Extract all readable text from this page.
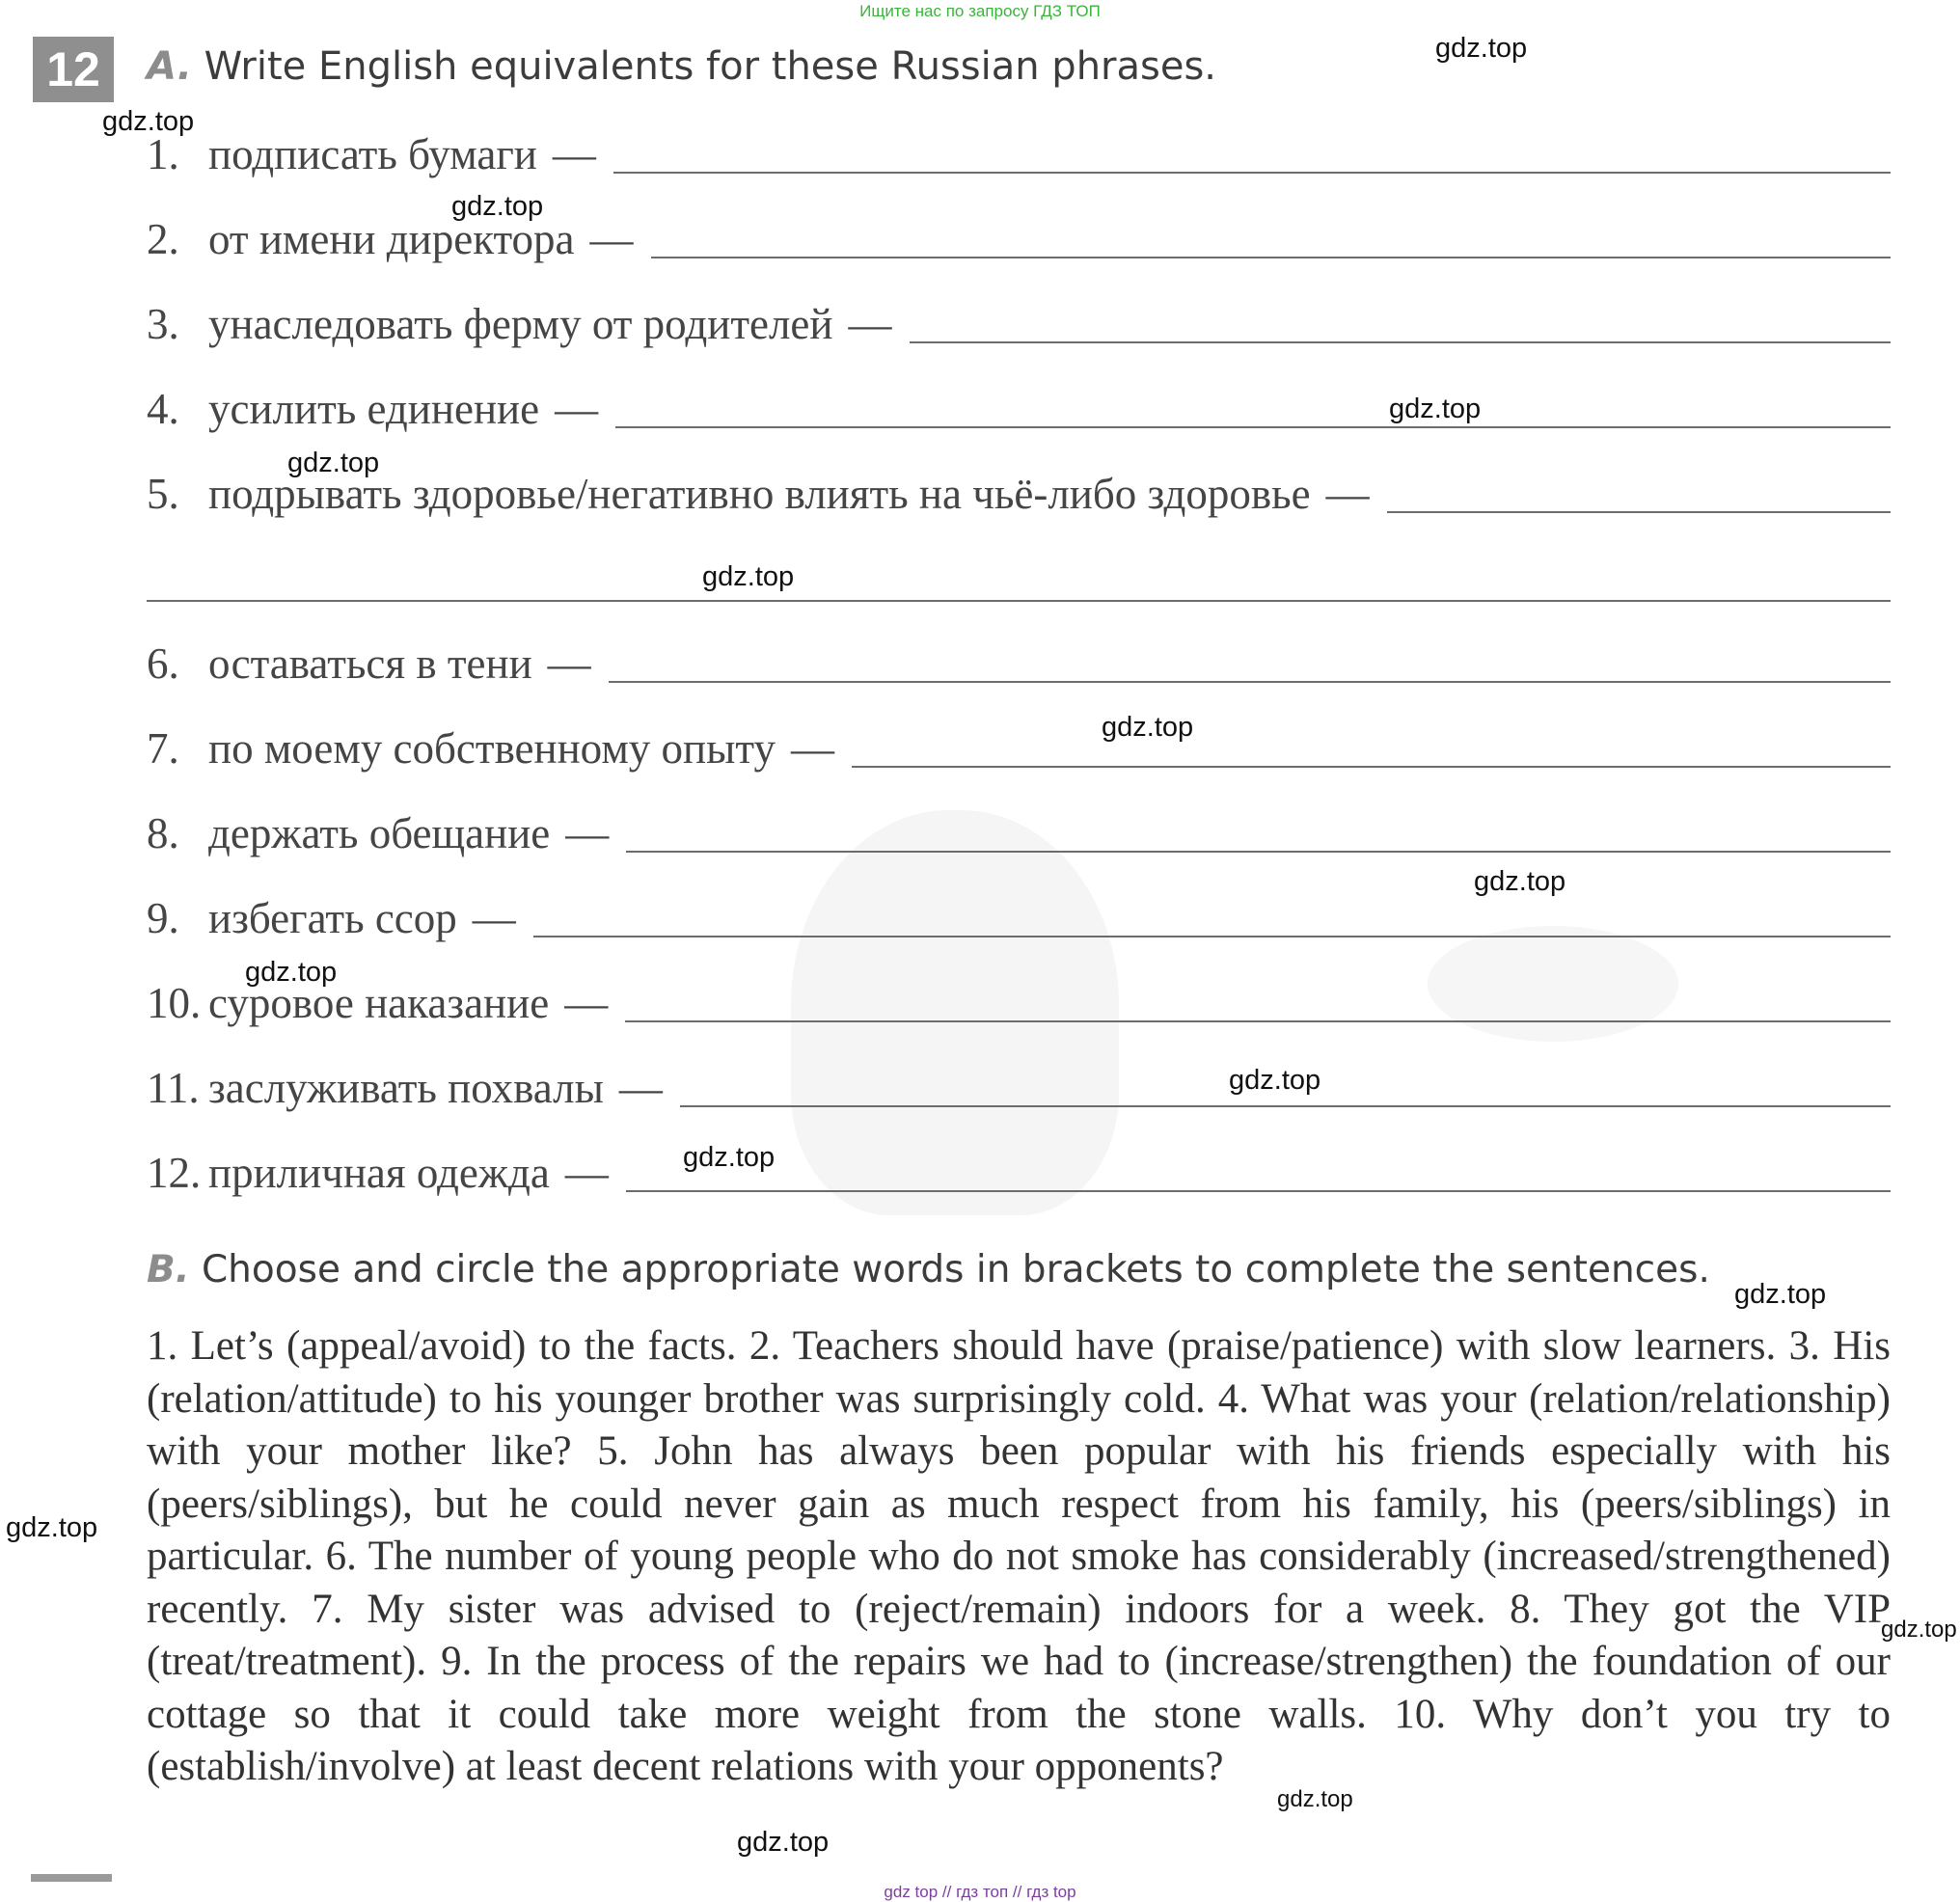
Ищите нас по запросу ГДЗ ТОП
12	A. Write English equivalents for these Russian phrases.
1. подписать бумаги —
2. от имени директора —
3. унаследовать ферму от родителей —
4. усилить единение —
5. подрывать здоровье/негативно влиять на чьё-либо здоровье —
6. оставаться в тени —
7. по моему собственному опыту —
8. держать обещание —
9. избегать ссор —
10. суровое наказание —
11. заслуживать похвалы —
12. приличная одежда —
B. Choose and circle the appropriate words in brackets to complete the sentences.
1. Let’s (appeal/avoid) to the facts. 2. Teachers should have (praise/patience) with slow learners. 3. His (relation/attitude) to his younger brother was surprisingly cold. 4. What was your (relation/relationship) with your mother like? 5. John has always been popular with his friends especially with his (peers/siblings), but he could never gain as much respect from his family, his (peers/siblings) in particular. 6. The number of young people who do not smoke has considerably (increased/strengthened) recently. 7. My sister was advised to (reject/remain) indoors for a week. 8. They got the VIP (treat/treatment). 9. In the process of the repairs we had to (increase/strengthen) the foundation of our cottage so that it could take more weight from the stone walls. 10. Why don’t you try to (establish/involve) at least decent relations with your opponents?
gdz.top
gdz.top
gdz.top
gdz.top
gdz.top
gdz.top
gdz.top
gdz.top
gdz.top
gdz.top
gdz.top
gdz.top
gdz.top
gdz.top
gdz.top
gdz.top
gdz top // гдз топ // гдз top
